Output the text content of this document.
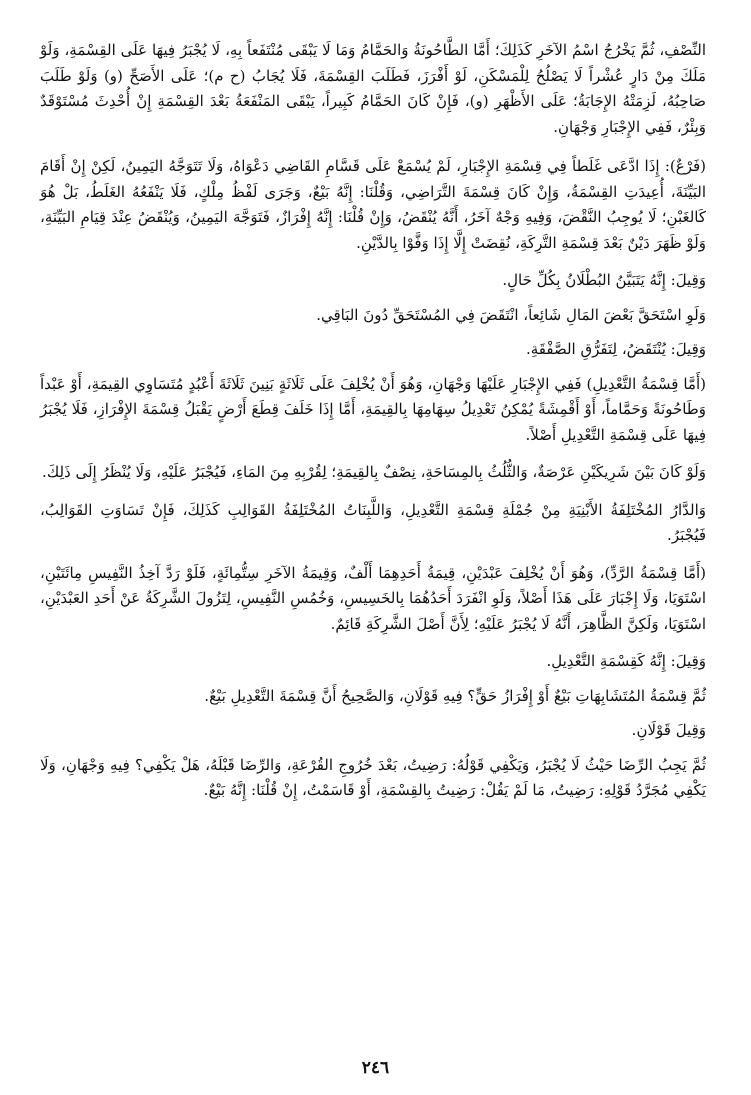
النِّصْفِ، ثُمَّ يَخْرُجُ اسْمُ الآخَرِ كَذَلِكَ؛ أَمَّا الطَّاحُونَةُ وَالحَمَّامُ وَمَا لَا يَبْقَى مُنْتَفَعاً بِهِ، لَا يُجْبَرُ فِيهَا عَلَى القِسْمَةِ، وَلَوْ مَلَكَ مِنْ دَارٍ عُشْراً لَا يَصْلُحُ لِلْمَسْكَنِ، لَوْ أَفْرَزَ، فَطَلَبَ القِسْمَةَ، فَلَا يُجَابُ (ح م)؛ عَلَى الأَصَحِّ (و) وَلَوْ طَلَبَ صَاحِبُهُ، لَزِمَتْهُ الإِجَابَةُ؛ عَلَى الأَظْهَرِ (و)، فَإِنْ كَانَ الحَمَّامُ كَبِيراً، يَبْقَى المَنْفَعَةُ بَعْدَ القِسْمَةِ إِنْ أُحْدِثَ مُسْتَوْقَدٌ وَبِئْرٌ، فَفِي الإِجْبَارِ وَجْهَانِ.

(فَرْعٌ): إِذَا ادَّعَى غَلَطاً فِي قِسْمَةِ الإِجْبَارِ، لَمْ يُسْمَعْ عَلَى قَسَّامِ القَاضِي دَعْوَاهُ، وَلَا تَتَوَجَّهُ اليَمِينُ، لَكِنْ إِنْ أَقَامَ البَيِّنَةَ، أُعِيدَتِ القِسْمَةُ، وَإِنْ كَانَ قِسْمَةَ التَّرَاضِي، وَقُلْنَا: إِنَّهُ بَيْعٌ، وَجَرَى لَفْظُ مِلْكٍ، فَلَا يَنْفَعُهُ الغَلَطُ، بَلْ هُوَ كَالغَبْنِ؛ لَا يُوجِبُ النَّقْضَ، وَفِيهِ وَجْهٌ آخَرُ، أَنَّهُ يُنْقَضُ، وَإِنْ قُلْنَا: إِنَّهُ إِفْرَازٌ، فَتَوَجَّهَ اليَمِينُ، وَيُنْقَضُ عِنْدَ قِيَامِ البَيِّنَةِ، وَلَوْ ظَهَرَ دَيْنٌ بَعْدَ قِسْمَةِ التَّرِكَةِ، نُقِضَتْ إِلَّا إِذَا وَفَّوْا بِالدَّيْنِ.

وَقِيلَ: إِنَّهُ يَتَبَيَّنُ البُطْلَانُ بِكُلِّ حَالٍ.

وَلَوِ اسْتَحَقَّ بَعْضَ المَالِ شَائِعاً، انْتَقَضَ فِي المُسْتَحَقِّ دُونَ البَاقِي.

وَقِيلَ: يُنْتَقَضُ، لِتَفَرُّقِ الصَّفْقَةِ.

(أَمَّا قِسْمَةُ التَّعْدِيلِ) فَفِي الإِجْبَارِ عَلَيْهَا وَجْهَانِ، وَهُوَ أَنْ يُخْلِفَ عَلَى ثَلَاثَةٍ بَنِينَ ثَلَاثَةَ أَعْبُدٍ مُتَسَاوِي القِيمَةِ، أَوْ عَبْداً وَطَاحُونَةً وَحَمَّاماً، أَوْ أَقْمِشَةً يُمْكِنُ تَعْدِيلُ سِهَامِهَا بِالقِيمَةِ، أَمَّا إِذَا خَلَفَ قِطَعَ أَرْضٍ يَقْبَلُ قِسْمَةَ الإِفْرَازِ، فَلَا يُجْبَرُ فِيهَا عَلَى قِسْمَةِ التَّعْدِيلِ أَصْلاً.

وَلَوْ كَانَ بَيْنَ شَرِيكَيْنِ عَرْصَةٌ، وَالثُّلُثُ بِالمِسَاحَةِ، نِصْفٌ بِالقِيمَةِ؛ لِقُرْبِهِ مِنَ المَاءِ، فَيُجْبَرُ عَلَيْهِ، وَلَا يُنْظَرُ إِلَى ذَلِكَ.

وَالدَّارُ المُخْتَلِفَةُ الأَبْنِيَةِ مِنْ جُمْلَةِ قِسْمَةِ التَّعْدِيلِ، وَاللَّبِنَاتُ المُخْتَلِفَةُ القَوَالِبِ كَذَلِكَ، فَإِنْ تَسَاوَتِ القَوَالِبُ، فَيُجْبَرُ.

(أَمَّا قِسْمَةُ الرَّدِّ)، وَهُوَ أَنْ يُخْلِفَ عَبْدَيْنِ، قِيمَةُ أَحَدِهِمَا أَلْفٌ، وَقِيمَةُ الآخَرِ سِتُّمِائَةٍ، فَلَوْ رَدَّ آخِذُ النَّفِيسِ مِائَتَيْنِ، اسْتَوَيَا، وَلَا إِجْبَارَ عَلَى هَذَا أَصْلاً، وَلَوِ انْفَرَدَ أَحَدُهُمَا بِالخَسِيسِ، وَخُمُسِ النَّفِيسِ، لِتَزُولَ الشَّرِكَةُ عَنْ أَحَدِ العَبْدَيْنِ، اسْتَوَيَا، وَلَكِنَّ الظَّاهِرَ، أَنَّهُ لَا يُجْبَرُ عَلَيْهِ؛ لِأَنَّ أَصْلَ الشَّرِكَةِ قَائِمٌ.

وَقِيلَ: إِنَّهُ كَقِسْمَةِ التَّعْدِيلِ.

ثُمَّ قِسْمَةُ المُتَشَابِهَاتِ بَيْعٌ أَوْ إِفْرَازُ حَقٍّ؟ فِيهِ قَوْلَانِ، وَالصَّحِيحُ أَنَّ قِسْمَةَ التَّعْدِيلِ بَيْعٌ.

وَقِيلَ قَوْلَانِ.

ثُمَّ يَجِبُ الرِّضَا حَيْثُ لَا يُجْبَرُ، وَيَكْفِي قَوْلُهُ: رَضِيتُ، بَعْدَ خُرُوجِ القُرْعَةِ، وَالرِّضَا قَبْلَهُ، هَلْ يَكْفِي؟ فِيهِ وَجْهَانِ، وَلَا يَكْفِي مُجَرَّدُ قَوْلِهِ: رَضِيتُ، مَا لَمْ يَقُلْ: رَضِيتُ بِالقِسْمَةِ، أَوْ قَاسَمْتُ، إِنْ قُلْنَا: إِنَّهُ بَيْعٌ.

٢٤٦
